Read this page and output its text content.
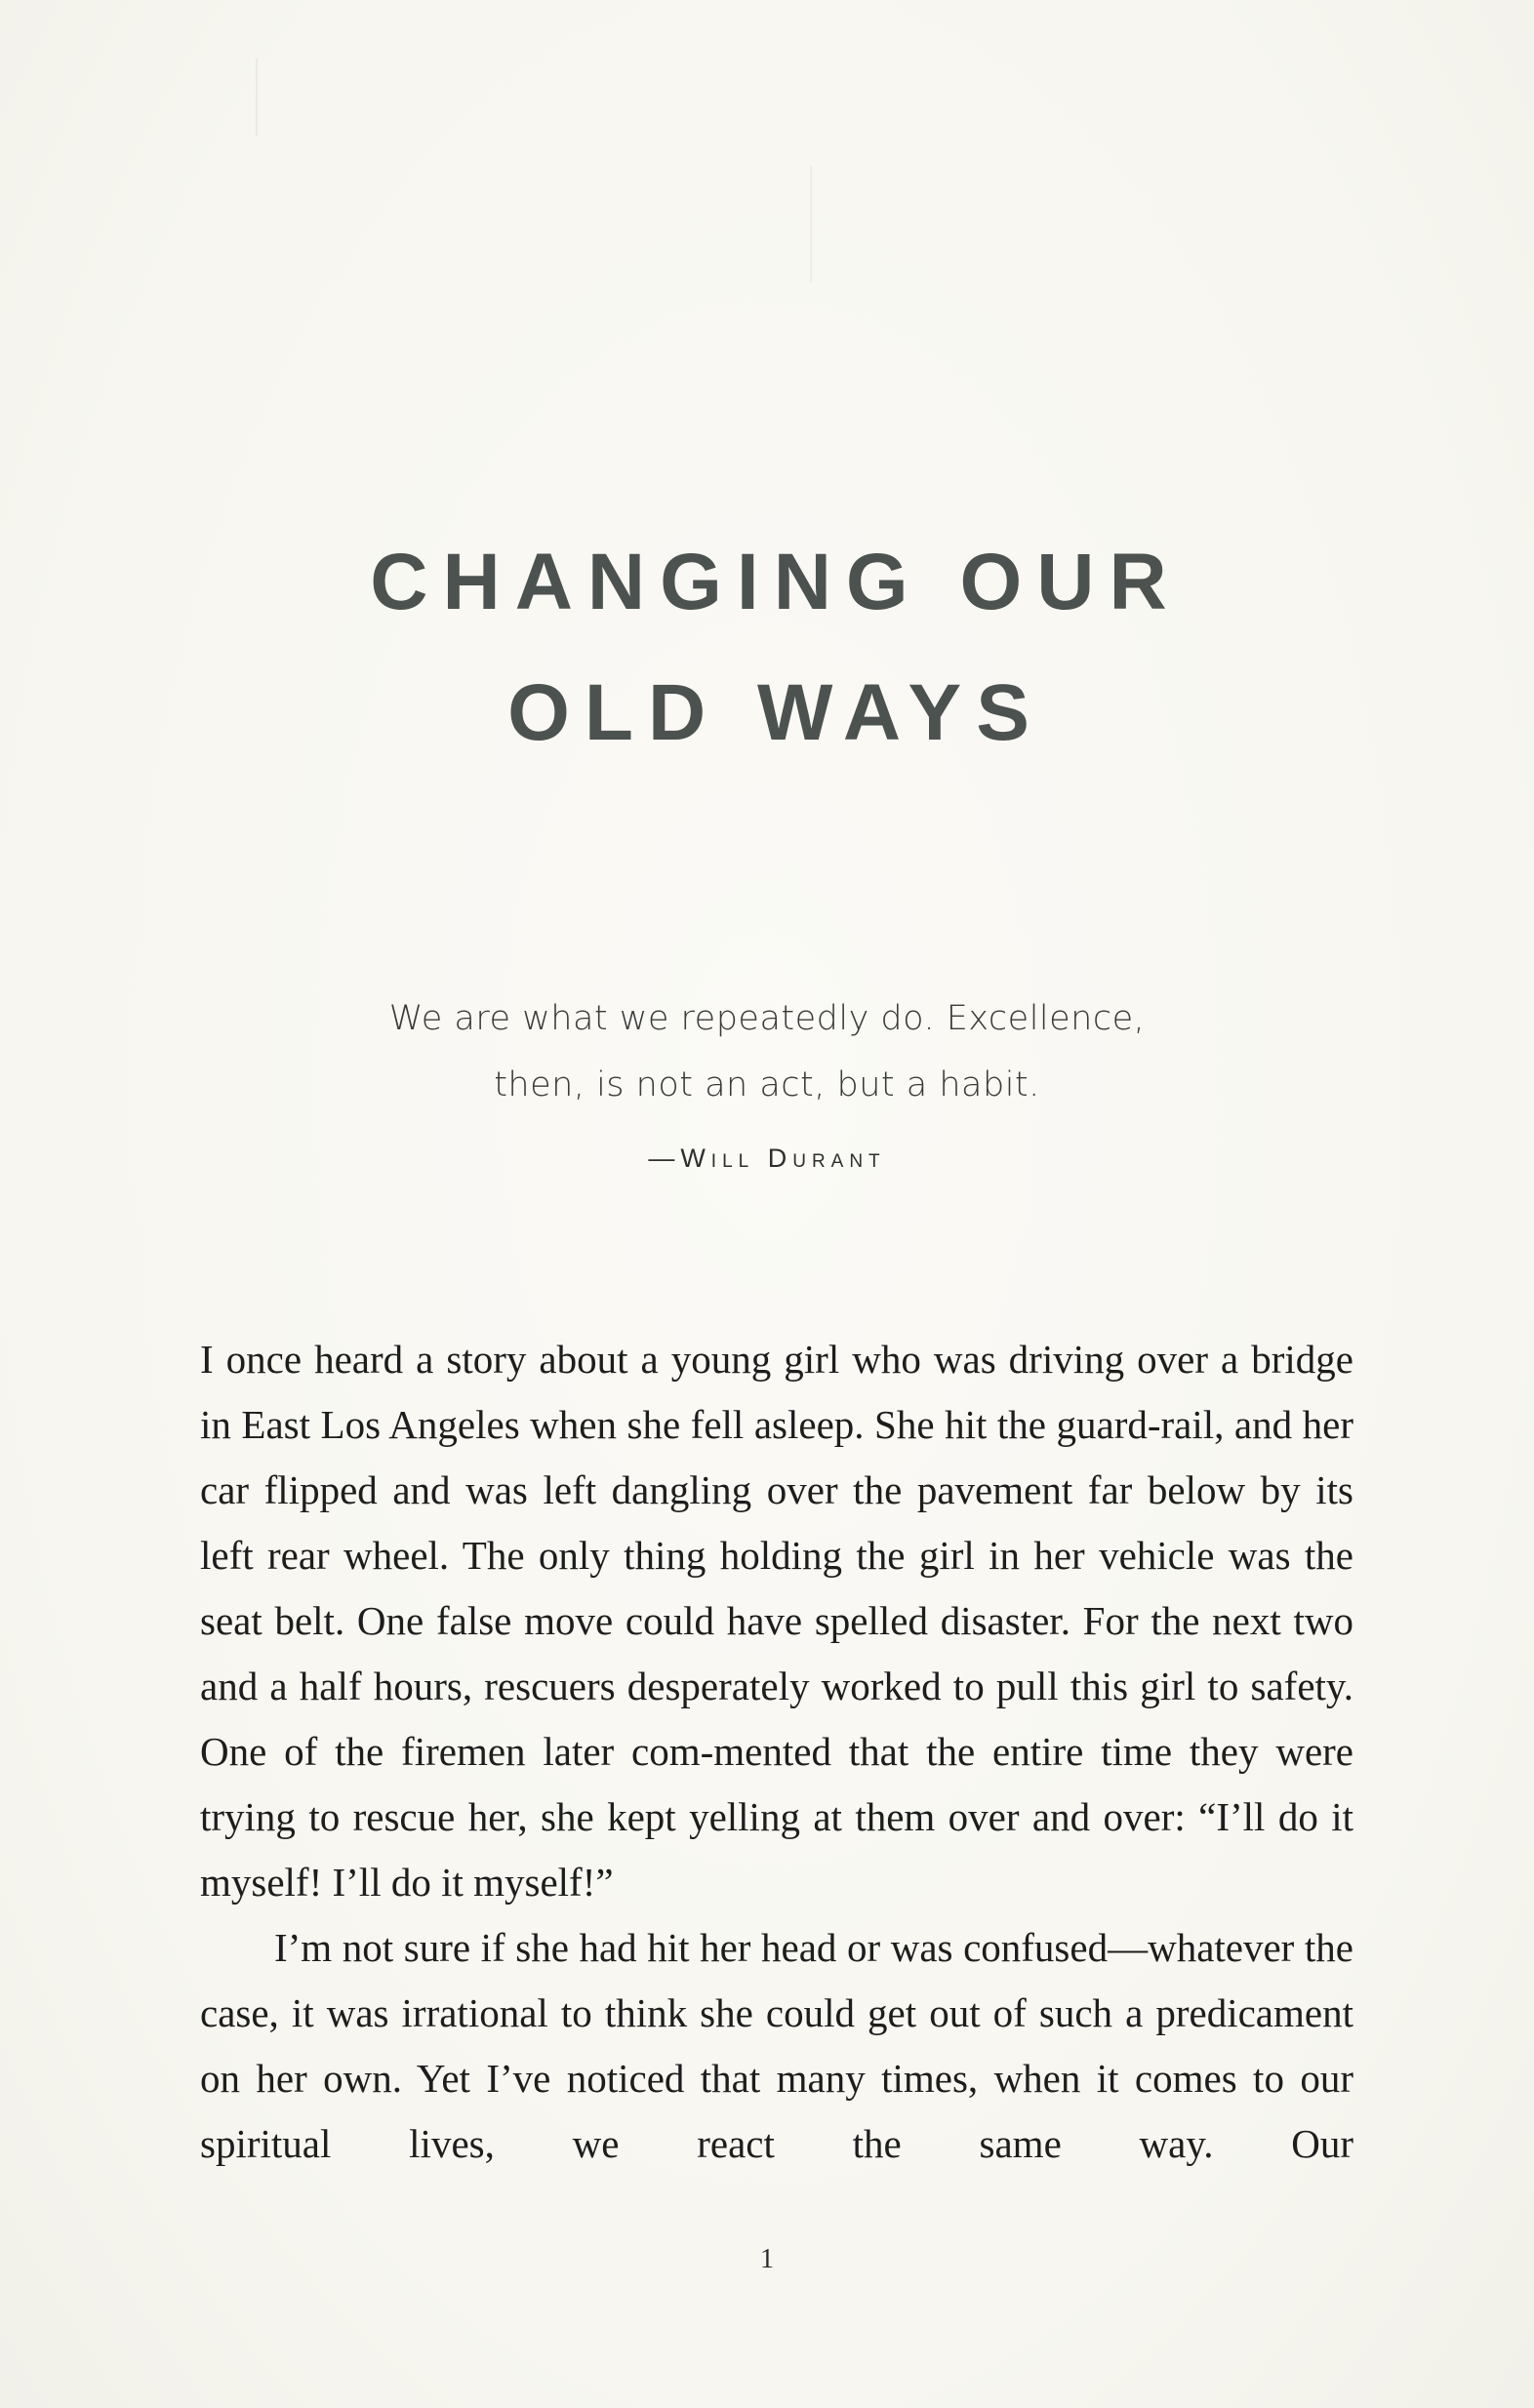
CHANGING OUR
OLD WAYS
We are what we repeatedly do. Excellence,
then, is not an act, but a habit.
—Will Durant

I once heard a story about a young girl who was driving over a bridge in East Los Angeles when she fell asleep. She hit the guard-rail, and her car flipped and was left dangling over the pavement far below by its left rear wheel. The only thing holding the girl in her vehicle was the seat belt. One false move could have spelled disaster. For the next two and a half hours, rescuers desperately worked to pull this girl to safety. One of the firemen later com-mented that the entire time they were trying to rescue her, she kept yelling at them over and over: “I’ll do it myself! I’ll do it myself!”

I’m not sure if she had hit her head or was confused—whatever the case, it was irrational to think she could get out of such a predicament on her own. Yet I’ve noticed that many times, when it comes to our spiritual lives, we react the same way. Our

1
